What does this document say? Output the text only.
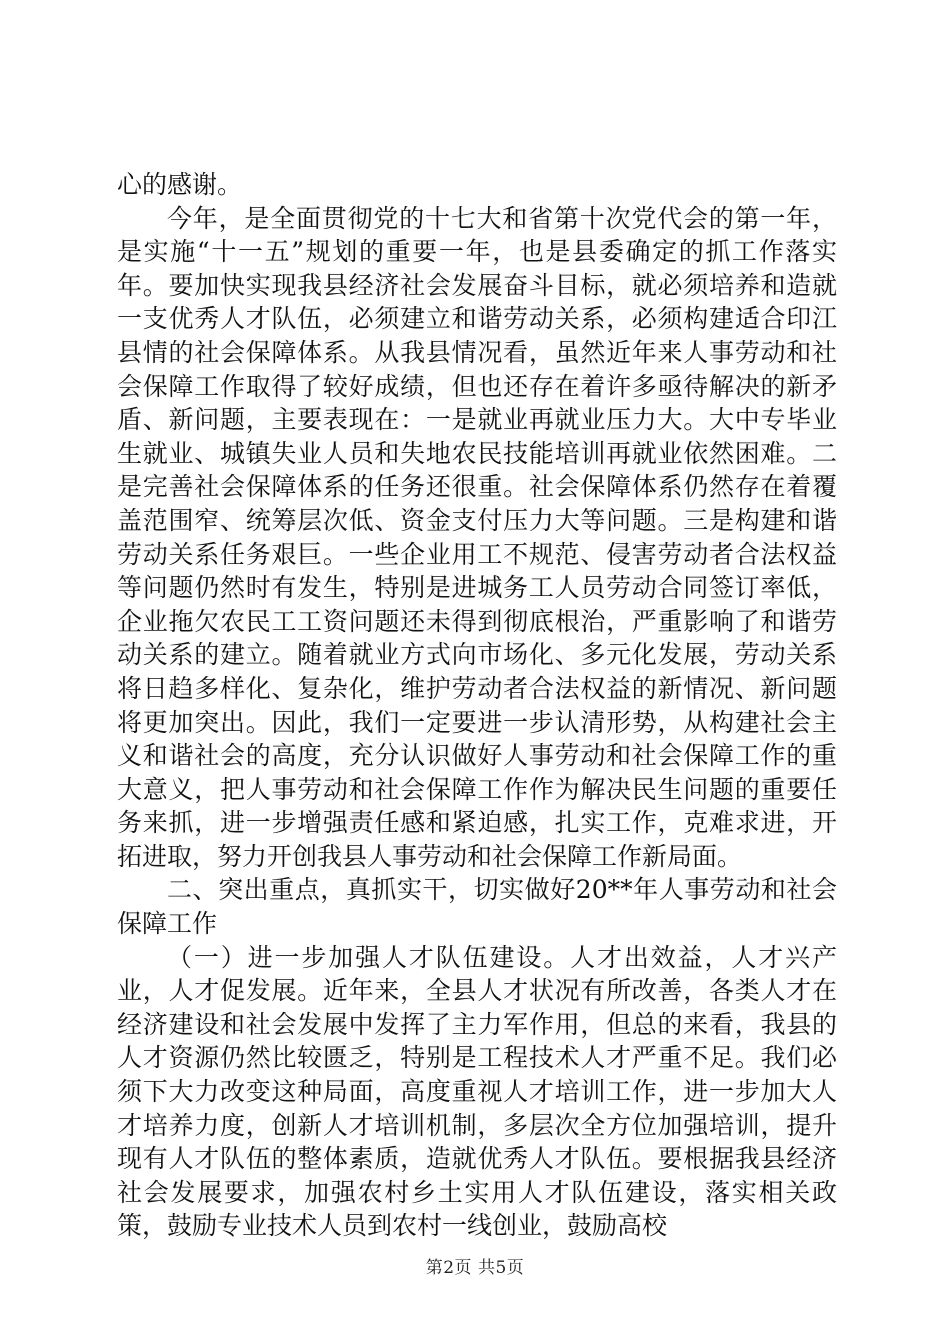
心的感谢。

今年，是全面贯彻党的十七大和省第十次党代会的第一年，是实施“十一五”规划的重要一年，也是县委确定的抓工作落实年。要加快实现我县经济社会发展奋斗目标，就必须培养和造就一支优秀人才队伍，必须建立和谐劳动关系，必须构建适合印江县情的社会保障体系。从我县情况看，虽然近年来人事劳动和社会保障工作取得了较好成绩，但也还存在着许多亟待解决的新矛盾、新问题，主要表现在：一是就业再就业压力大。大中专毕业生就业、城镇失业人员和失地农民技能培训再就业依然困难。二是完善社会保障体系的任务还很重。社会保障体系仍然存在着覆盖范围窄、统筹层次低、资金支付压力大等问题。三是构建和谐劳动关系任务艰巨。一些企业用工不规范、侵害劳动者合法权益等问题仍然时有发生，特别是进城务工人员劳动合同签订率低，企业拖欠农民工工资问题还未得到彻底根治，严重影响了和谐劳动关系的建立。随着就业方式向市场化、多元化发展，劳动关系将日趋多样化、复杂化，维护劳动者合法权益的新情况、新问题将更加突出。因此，我们一定要进一步认清形势，从构建社会主义和谐社会的高度，充分认识做好人事劳动和社会保障工作的重大意义，把人事劳动和社会保障工作作为解决民生问题的重要任务来抓，进一步增强责任感和紧迫感，扎实工作，克难求进，开拓进取，努力开创我县人事劳动和社会保障工作新局面。

二、突出重点，真抓实干，切实做好20**年人事劳动和社会保障工作

（一）进一步加强人才队伍建设。人才出效益，人才兴产业，人才促发展。近年来，全县人才状况有所改善，各类人才在经济建设和社会发展中发挥了主力军作用，但总的来看，我县的人才资源仍然比较匮乏，特别是工程技术人才严重不足。我们必须下大力改变这种局面，高度重视人才培训工作，进一步加大人才培养力度，创新人才培训机制，多层次全方位加强培训，提升现有人才队伍的整体素质，造就优秀人才队伍。要根据我县经济社会发展要求，加强农村乡土实用人才队伍建设，落实相关政策，鼓励专业技术人员到农村一线创业，鼓励高校

第2页 共5页
